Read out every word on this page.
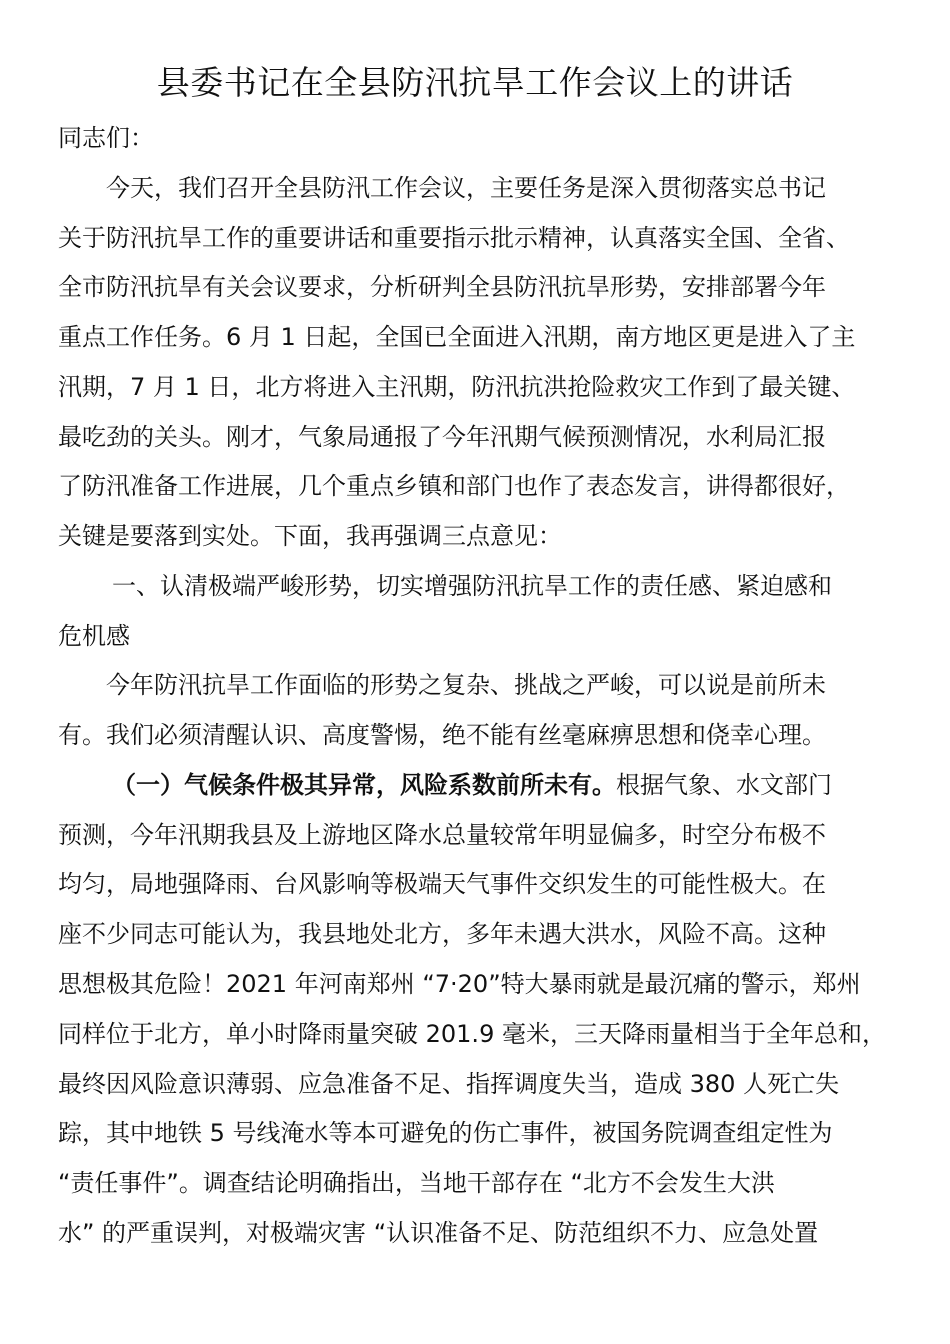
县委书记在全县防汛抗旱工作会议上的讲话

同志们：

今天，我们召开全县防汛工作会议，主要任务是深入贯彻落实总书记

关于防汛抗旱工作的重要讲话和重要指示批示精神，认真落实全国、全省、

全市防汛抗旱有关会议要求，分析研判全县防汛抗旱形势，安排部署今年

重点工作任务。6 月 1 日起，全国已全面进入汛期，南方地区更是进入了主

汛期，7 月 1 日，北方将进入主汛期，防汛抗洪抢险救灾工作到了最关键、

最吃劲的关头。刚才，气象局通报了今年汛期气候预测情况，水利局汇报

了防汛准备工作进展，几个重点乡镇和部门也作了表态发言，讲得都很好，

关键是要落到实处。下面，我再强调三点意见：

一、认清极端严峻形势，切实增强防汛抗旱工作的责任感、紧迫感和

危机感

今年防汛抗旱工作面临的形势之复杂、挑战之严峻，可以说是前所未

有。我们必须清醒认识、高度警惕，绝不能有丝毫麻痹思想和侥幸心理。

（一）气候条件极其异常，风险系数前所未有。根据气象、水文部门

预测，今年汛期我县及上游地区降水总量较常年明显偏多，时空分布极不

均匀，局地强降雨、台风影响等极端天气事件交织发生的可能性极大。在

座不少同志可能认为，我县地处北方，多年未遇大洪水，风险不高。这种

思想极其危险！2021 年河南郑州 “7·20”特大暴雨就是最沉痛的警示，郑州

同样位于北方，单小时降雨量突破 201.9 毫米，三天降雨量相当于全年总和，

最终因风险意识薄弱、应急准备不足、指挥调度失当，造成 380 人死亡失

踪，其中地铁 5 号线淹水等本可避免的伤亡事件，被国务院调查组定性为

“责任事件”。调查结论明确指出，当地干部存在 “北方不会发生大洪

水” 的严重误判，对极端灾害 “认识准备不足、防范组织不力、应急处置
